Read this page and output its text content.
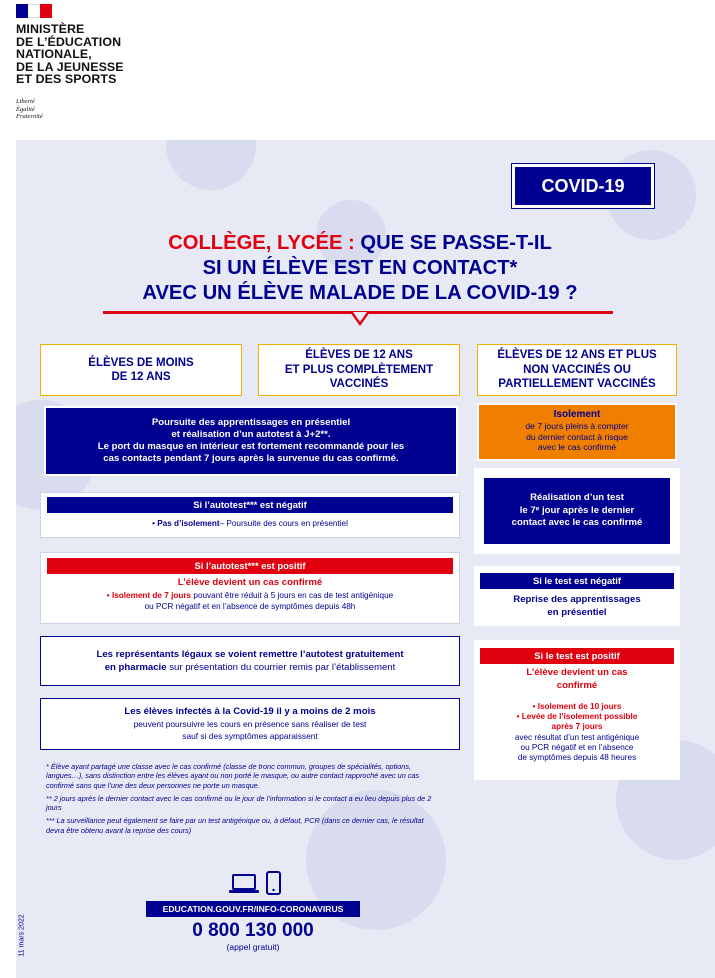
MINISTÈRE
DE L’ÉDUCATION
NATIONALE,
DE LA JEUNESSE
ET DES SPORTS
Liberté
Égalité
Fraternité
COVID-19
COLLÈGE, LYCÉE : QUE SE PASSE-T-IL
SI UN ÉLÈVE EST EN CONTACT*
AVEC UN ÉLÈVE MALADE DE LA COVID-19 ?
ÉLÈVES DE MOINS
DE 12 ANS
ÉLÈVES DE 12 ANS
ET PLUS COMPLÈTEMENT
VACCINÉS
ÉLÈVES DE 12 ANS ET PLUS
NON VACCINÉS OU
PARTIELLEMENT VACCINÉS
Poursuite des apprentissages en présentiel
et réalisation d’un autotest à J+2**.
Le port du masque en intérieur est fortement recommandé pour les
cas contacts pendant 7 jours après la survenue du cas confirmé.
Si l’autotest*** est négatif
• Pas d’isolement– Poursuite des cours en présentiel
Si l’autotest*** est positif
L’élève devient un cas confirmé
• Isolement de 7 jours pouvant être réduit à 5 jours en cas de test antigénique
ou PCR négatif et en l’absence de symptômes depuis 48h
Les représentants légaux se voient remettre l’autotest gratuitement
en pharmacie sur présentation du courrier remis par l’établissement
Les élèves infectés à la Covid-19 il y a moins de 2 mois
peuvent poursuivre les cours en présence sans réaliser de test
sauf si des symptômes apparaissent
Isolement
de 7 jours pleins à compter
du dernier contact à risque
avec le cas confirmé
Réalisation d’un test
le 7ᵉ jour après le dernier
contact avec le cas confirmé
Si le test est négatif
Reprise des apprentissages
en présentiel
Si le test est positif
L’élève devient un cas
confirmé
• Isolement de 10 jours
• Levée de l’isolement possible
après 7 jours
avec résultat d’un test antigénique
ou PCR négatif et en l’absence
de symptômes depuis 48 heures

* Élève ayant partagé une classe avec le cas confirmé (classe de tronc commun, groupes de spécialités, options, langues…), sans distinction entre les élèves ayant ou non porté le masque, ou autre contact rapproché avec un cas confirmé sans que l’une des deux personnes ne porte un masque.

** 2 jours après le dernier contact avec le cas confirmé ou le jour de l’information si le contact a eu lieu depuis plus de 2 jours

*** La surveillance peut également se faire par un test antigénique ou, à défaut, PCR (dans ce dernier cas, le résultat devra être obtenu avant la reprise des cours)

EDUCATION.GOUV.FR/INFO-CORONAVIRUS
0 800 130 000
(appel gratuit)
11 mars 2022
